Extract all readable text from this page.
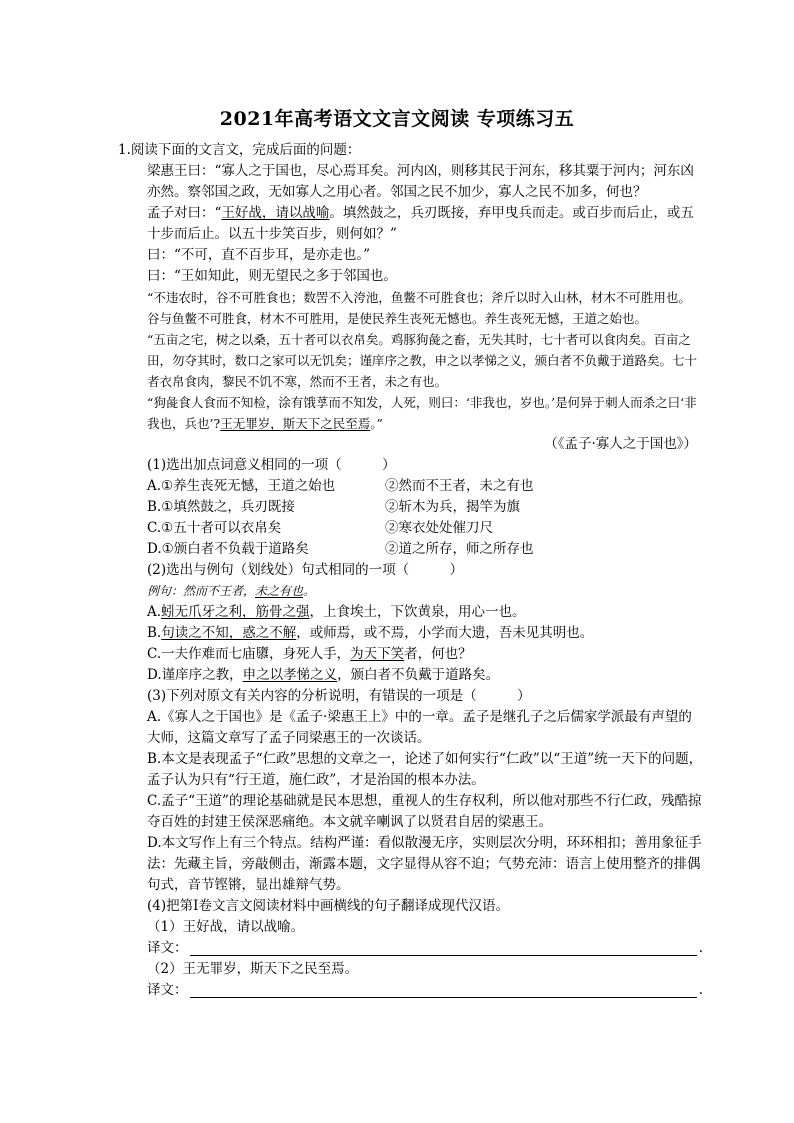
2021年高考语文文言文阅读 专项练习五

1.阅读下面的文言文，完成后面的问题：

梁惠王曰：“寡人之于国也，尽心焉耳矣。河内凶，则移其民于河东，移其粟于河内；河东凶亦然。察邻国之政，无如寡人之用心者。邻国之民不加少，寡人之民不加多，何也？

孟子对曰：“王好战，请以战喻。填然鼓之，兵刃既接，弃甲曳兵而走。或百步而后止，或五十步而后止。以五十步笑百步，则何如？”

曰：“不可，直不百步耳，是亦走也。”

曰：“王如知此，则无望民之多于邻国也。

“不违农时，谷不可胜食也；数罟不入洿池，鱼鳖不可胜食也；斧斤以时入山林，材木不可胜用也。谷与鱼鳖不可胜食，材木不可胜用，是使民养生丧死无憾也。养生丧死无憾，王道之始也。

“五亩之宅，树之以桑，五十者可以衣帛矣。鸡豚狗彘之畜，无失其时，七十者可以食肉矣。百亩之田，勿夺其时，数口之家可以无饥矣；谨庠序之教，申之以孝悌之义，颁白者不负戴于道路矣。七十者衣帛食肉，黎民不饥不寒，然而不王者，未之有也。

“狗彘食人食而不知检，涂有饿莩而不知发，人死，则曰：‘非我也，岁也。’是何异于刺人而杀之曰‘非我也，兵也’?王无罪岁，斯天下之民至焉。”

（《孟子·寡人之于国也》）

(1)选出加点词意义相同的一项（　　　）

A.①养生丧死无憾，王道之始也	②然而不王者，未之有也
B.①填然鼓之，兵刃既接	②斩木为兵，揭竿为旗
C.①五十者可以衣帛矣	②寒衣处处催刀尺
D.①颁白者不负载于道路矣	②道之所存，师之所存也

(2)选出与例句（划线处）句式相同的一项（　　　）

例句：然而不王者，未之有也。

A.蚓无爪牙之利，筋骨之强，上食埃土，下饮黄泉，用心一也。

B.句读之不知，惑之不解，或师焉，或不焉，小学而大遗，吾未见其明也。

C.一夫作难而七庙隳，身死人手，为天下笑者，何也？

D.谨庠序之教，申之以孝悌之义，颁白者不负戴于道路矣。

(3)下列对原文有关内容的分析说明，有错误的一项是（　　　）

A.《寡人之于国也》是《孟子·梁惠王上》中的一章。孟子是继孔子之后儒家学派最有声望的大师，这篇文章写了孟子同梁惠王的一次谈话。

B.本文是表现孟子“仁政”思想的文章之一，论述了如何实行“仁政”以“王道”统一天下的问题，孟子认为只有“行王道，施仁政”，才是治国的根本办法。

C.孟子“王道”的理论基础就是民本思想，重视人的生存权利，所以他对那些不行仁政，残酷掠夺百姓的封建王侯深恶痛绝。本文就辛喇讽了以贤君自居的梁惠王。

D.本文写作上有三个特点。结构严谨：看似散漫无序，实则层次分明，环环相扣；善用象征手法：先藏主旨，旁敲侧击，渐露本题，文字显得从容不迫；气势充沛：语言上使用整齐的排偶句式，音节铿锵，显出雄辩气势。

(4)把第Ⅰ卷文言文阅读材料中画横线的句子翻译成现代汉语。

（1）王好战，请以战喻。

译文：	.

（2）王无罪岁，斯天下之民至焉。

译文：	.
